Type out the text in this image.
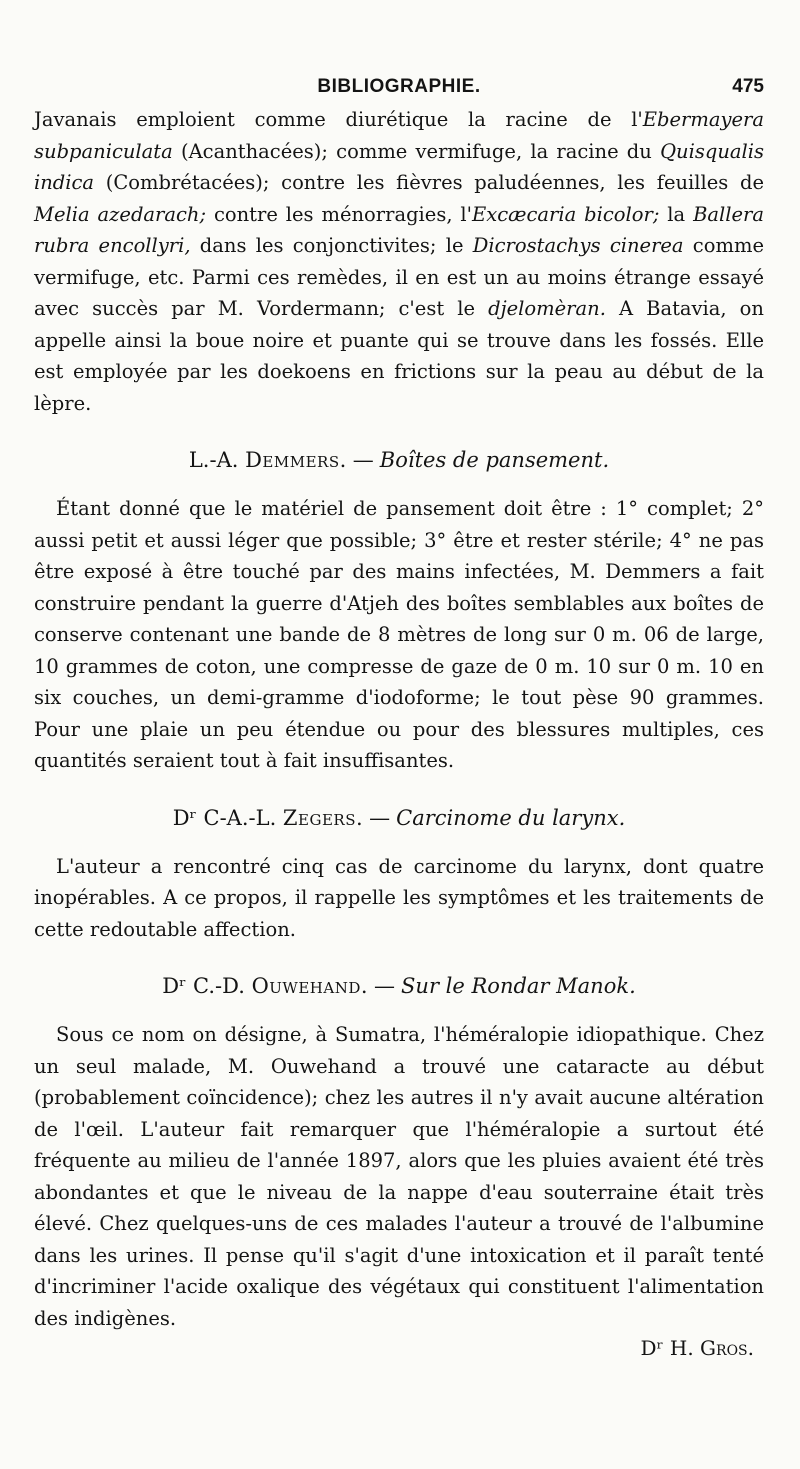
BIBLIOGRAPHIE.	475

Javanais emploient comme diurétique la racine de l'Ebermayera subpaniculata (Acanthacées); comme vermifuge, la racine du Quisqualis indica (Combrétacées); contre les fièvres paludéennes, les feuilles de Melia azedarach; contre les ménorragies, l'Excæcaria bicolor; la Ballera rubra encollyri, dans les conjonctivites; le Dicrostachys cinerea comme vermifuge, etc. Parmi ces remèdes, il en est un au moins étrange essayé avec succès par M. Vordermann; c'est le djelomèran. A Batavia, on appelle ainsi la boue noire et puante qui se trouve dans les fossés. Elle est employée par les doekoens en frictions sur la peau au début de la lèpre.

L.-A. Demmers. — Boîtes de pansement.

Étant donné que le matériel de pansement doit être : 1° complet; 2° aussi petit et aussi léger que possible; 3° être et rester stérile; 4° ne pas être exposé à être touché par des mains infectées, M. Demmers a fait construire pendant la guerre d'Atjeh des boîtes semblables aux boîtes de conserve contenant une bande de 8 mètres de long sur 0 m. 06 de large, 10 grammes de coton, une compresse de gaze de 0 m. 10 sur 0 m. 10 en six couches, un demi-gramme d'iodoforme; le tout pèse 90 grammes. Pour une plaie un peu étendue ou pour des blessures multiples, ces quantités seraient tout à fait insuffisantes.

Dʳ C-A.-L. Zegers. — Carcinome du larynx.

L'auteur a rencontré cinq cas de carcinome du larynx, dont quatre inopérables. A ce propos, il rappelle les symptômes et les traitements de cette redoutable affection.

Dʳ C.-D. Ouwehand. — Sur le Rondar Manok.

Sous ce nom on désigne, à Sumatra, l'héméralopie idiopathique. Chez un seul malade, M. Ouwehand a trouvé une cataracte au début (probablement coïncidence); chez les autres il n'y avait aucune altération de l'œil. L'auteur fait remarquer que l'héméralopie a surtout été fréquente au milieu de l'année 1897, alors que les pluies avaient été très abondantes et que le niveau de la nappe d'eau souterraine était très élevé. Chez quelques-uns de ces malades l'auteur a trouvé de l'albumine dans les urines. Il pense qu'il s'agit d'une intoxication et il paraît tenté d'incriminer l'acide oxalique des végétaux qui constituent l'alimentation des indigènes.

Dʳ H. Gros.
